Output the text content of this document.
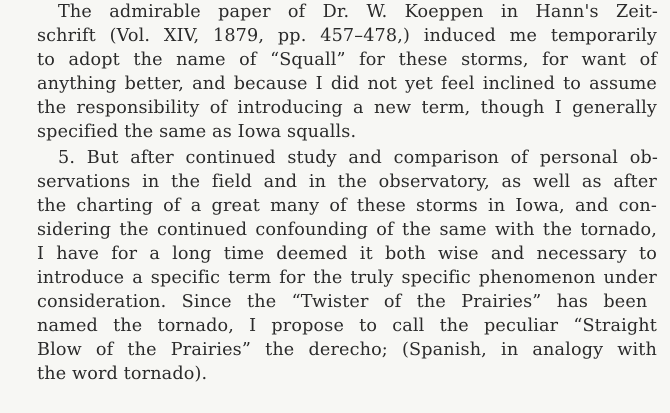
The admirable paper of Dr. W. Koeppen in Hann's Zeit-
schrift (Vol. XIV, 1879, pp. 457–478,) induced me temporarily
to adopt the name of “Squall” for these storms, for want of
anything better, and because I did not yet feel inclined to assume
the responsibility of introducing a new term, though I generally
specified the same as Iowa squalls.
5. But after continued study and comparison of personal ob-
servations in the field and in the observatory, as well as after
the charting of a great many of these storms in Iowa, and con-
sidering the continued confounding of the same with the tornado,
I have for a long time deemed it both wise and necessary to
introduce a specific term for the truly specific phenomenon under
consideration. Since the “Twister of the Prairies” has been
named the tornado, I propose to call the peculiar “Straight
Blow of the Prairies” the derecho; (Spanish, in analogy with
the word tornado).
